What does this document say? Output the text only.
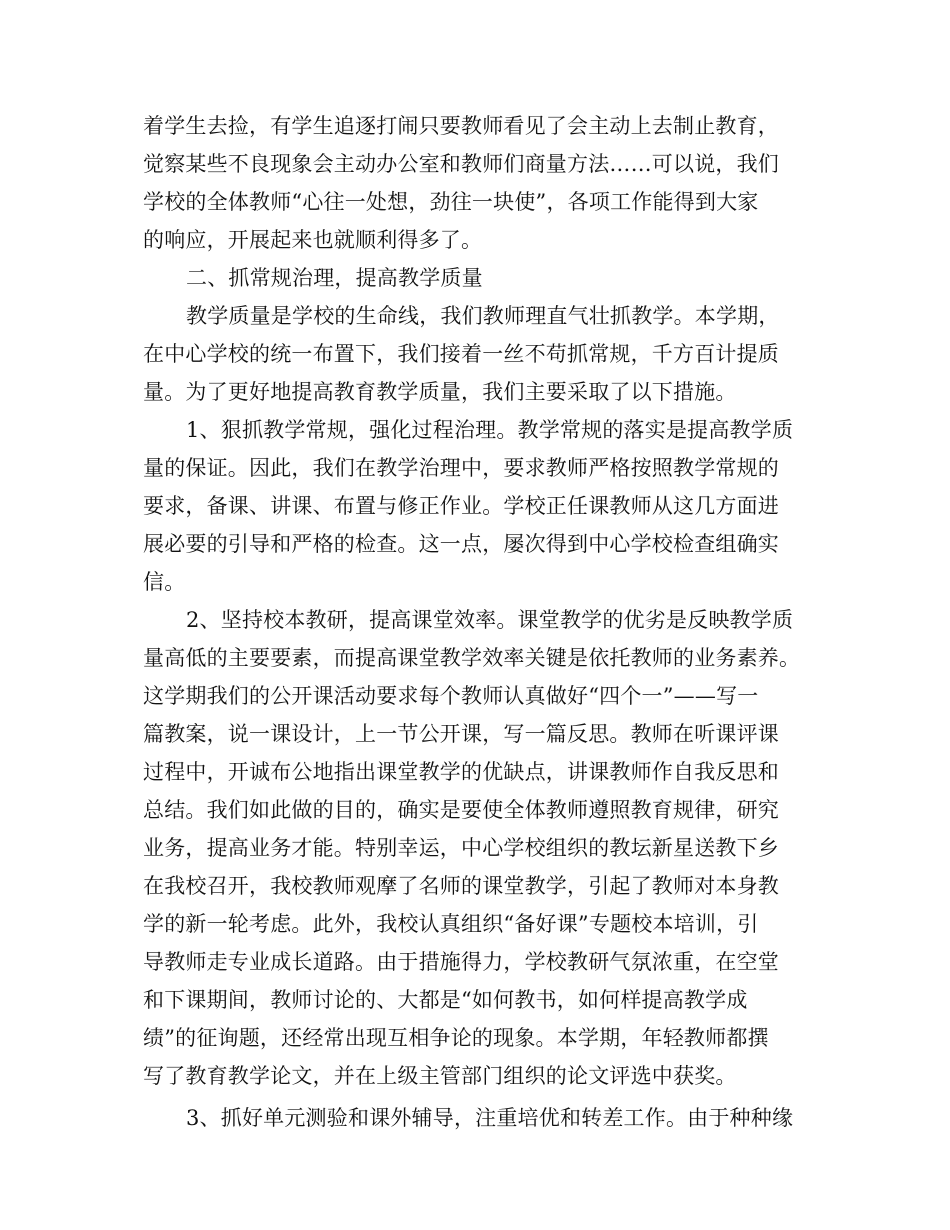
着学生去捡，有学生追逐打闹只要教师看见了会主动上去制止教育，
觉察某些不良现象会主动办公室和教师们商量方法……可以说，我们
学校的全体教师“心往一处想，劲往一块使”，各项工作能得到大家
的响应，开展起来也就顺利得多了。
二、抓常规治理，提高教学质量
教学质量是学校的生命线，我们教师理直气壮抓教学。本学期，
在中心学校的统一布置下，我们接着一丝不苟抓常规，千方百计提质
量。为了更好地提高教育教学质量，我们主要采取了以下措施。
1、狠抓教学常规，强化过程治理。教学常规的落实是提高教学质
量的保证。因此，我们在教学治理中，要求教师严格按照教学常规的
要求，备课、讲课、布置与修正作业。学校正任课教师从这几方面进
展必要的引导和严格的检查。这一点，屡次得到中心学校检查组确实
信。
2、坚持校本教研，提高课堂效率。课堂教学的优劣是反映教学质
量高低的主要要素，而提高课堂教学效率关键是依托教师的业务素养。
这学期我们的公开课活动要求每个教师认真做好“四个一”——写一
篇教案，说一课设计，上一节公开课，写一篇反思。教师在听课评课
过程中，开诚布公地指出课堂教学的优缺点，讲课教师作自我反思和
总结。我们如此做的目的，确实是要使全体教师遵照教育规律，研究
业务，提高业务才能。特别幸运，中心学校组织的教坛新星送教下乡
在我校召开，我校教师观摩了名师的课堂教学，引起了教师对本身教
学的新一轮考虑。此外，我校认真组织“备好课”专题校本培训，引
导教师走专业成长道路。由于措施得力，学校教研气氛浓重，在空堂
和下课期间，教师讨论的、大都是“如何教书，如何样提高教学成
绩”的征询题，还经常出现互相争论的现象。本学期，年轻教师都撰
写了教育教学论文，并在上级主管部门组织的论文评选中获奖。
3、抓好单元测验和课外辅导，注重培优和转差工作。由于种种缘
